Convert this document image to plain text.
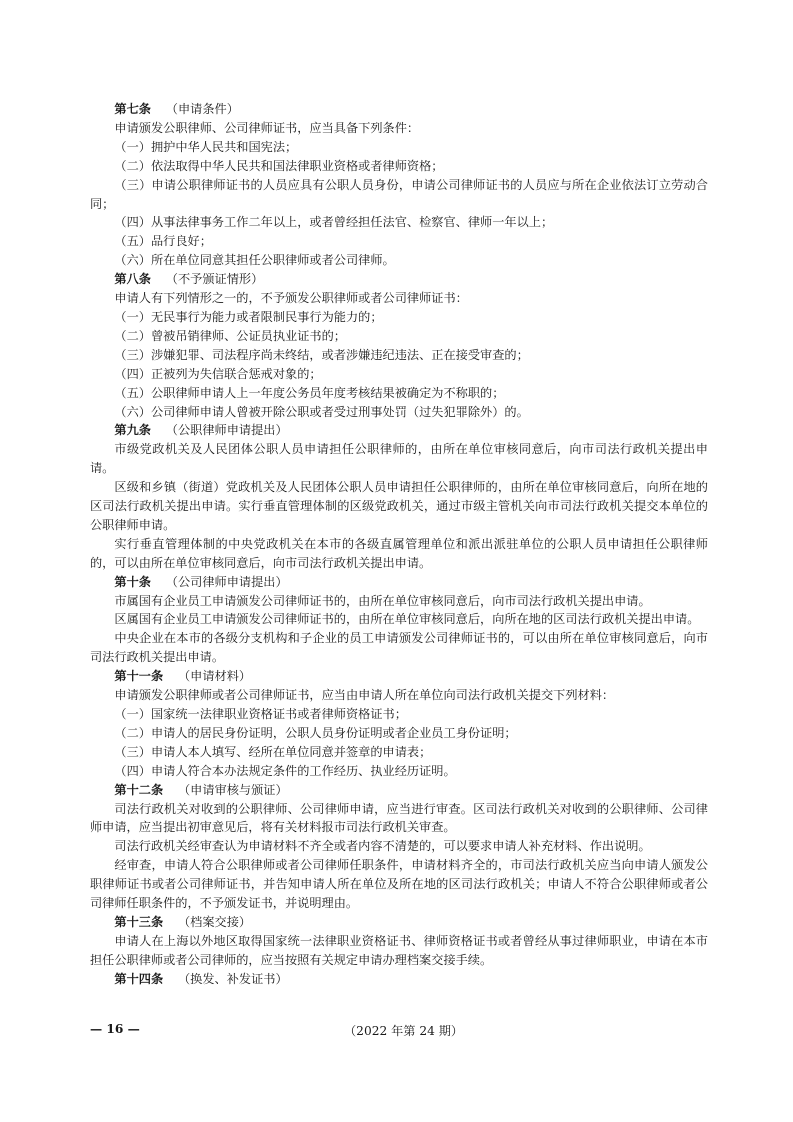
第七条 （申请条件）

申请颁发公职律师、公司律师证书，应当具备下列条件：

（一）拥护中华人民共和国宪法；

（二）依法取得中华人民共和国法律职业资格或者律师资格；

（三）申请公职律师证书的人员应具有公职人员身份，申请公司律师证书的人员应与所在企业依法订立劳动合同；

（四）从事法律事务工作二年以上，或者曾经担任法官、检察官、律师一年以上；

（五）品行良好；

（六）所在单位同意其担任公职律师或者公司律师。

第八条 （不予颁证情形）

申请人有下列情形之一的，不予颁发公职律师或者公司律师证书：

（一）无民事行为能力或者限制民事行为能力的；

（二）曾被吊销律师、公证员执业证书的；

（三）涉嫌犯罪、司法程序尚未终结，或者涉嫌违纪违法、正在接受审查的；

（四）正被列为失信联合惩戒对象的；

（五）公职律师申请人上一年度公务员年度考核结果被确定为不称职的；

（六）公司律师申请人曾被开除公职或者受过刑事处罚（过失犯罪除外）的。

第九条 （公职律师申请提出）

市级党政机关及人民团体公职人员申请担任公职律师的，由所在单位审核同意后，向市司法行政机关提出申请。

区级和乡镇（街道）党政机关及人民团体公职人员申请担任公职律师的，由所在单位审核同意后，向所在地的区司法行政机关提出申请。实行垂直管理体制的区级党政机关，通过市级主管机关向市司法行政机关提交本单位的公职律师申请。

实行垂直管理体制的中央党政机关在本市的各级直属管理单位和派出派驻单位的公职人员申请担任公职律师的，可以由所在单位审核同意后，向市司法行政机关提出申请。

第十条 （公司律师申请提出）

市属国有企业员工申请颁发公司律师证书的，由所在单位审核同意后，向市司法行政机关提出申请。

区属国有企业员工申请颁发公司律师证书的，由所在单位审核同意后，向所在地的区司法行政机关提出申请。

中央企业在本市的各级分支机构和子企业的员工申请颁发公司律师证书的，可以由所在单位审核同意后，向市司法行政机关提出申请。

第十一条 （申请材料）

申请颁发公职律师或者公司律师证书，应当由申请人所在单位向司法行政机关提交下列材料：

（一）国家统一法律职业资格证书或者律师资格证书；

（二）申请人的居民身份证明，公职人员身份证明或者企业员工身份证明；

（三）申请人本人填写、经所在单位同意并签章的申请表；

（四）申请人符合本办法规定条件的工作经历、执业经历证明。

第十二条 （申请审核与颁证）

司法行政机关对收到的公职律师、公司律师申请，应当进行审查。区司法行政机关对收到的公职律师、公司律师申请，应当提出初审意见后，将有关材料报市司法行政机关审查。

司法行政机关经审查认为申请材料不齐全或者内容不清楚的，可以要求申请人补充材料、作出说明。

经审查，申请人符合公职律师或者公司律师任职条件，申请材料齐全的，市司法行政机关应当向申请人颁发公职律师证书或者公司律师证书，并告知申请人所在单位及所在地的区司法行政机关；申请人不符合公职律师或者公司律师任职条件的，不予颁发证书，并说明理由。

第十三条 （档案交接）

申请人在上海以外地区取得国家统一法律职业资格证书、律师资格证书或者曾经从事过律师职业，申请在本市担任公职律师或者公司律师的，应当按照有关规定申请办理档案交接手续。

第十四条 （换发、补发证书）

— 16 —	（2022 年第 24 期）
